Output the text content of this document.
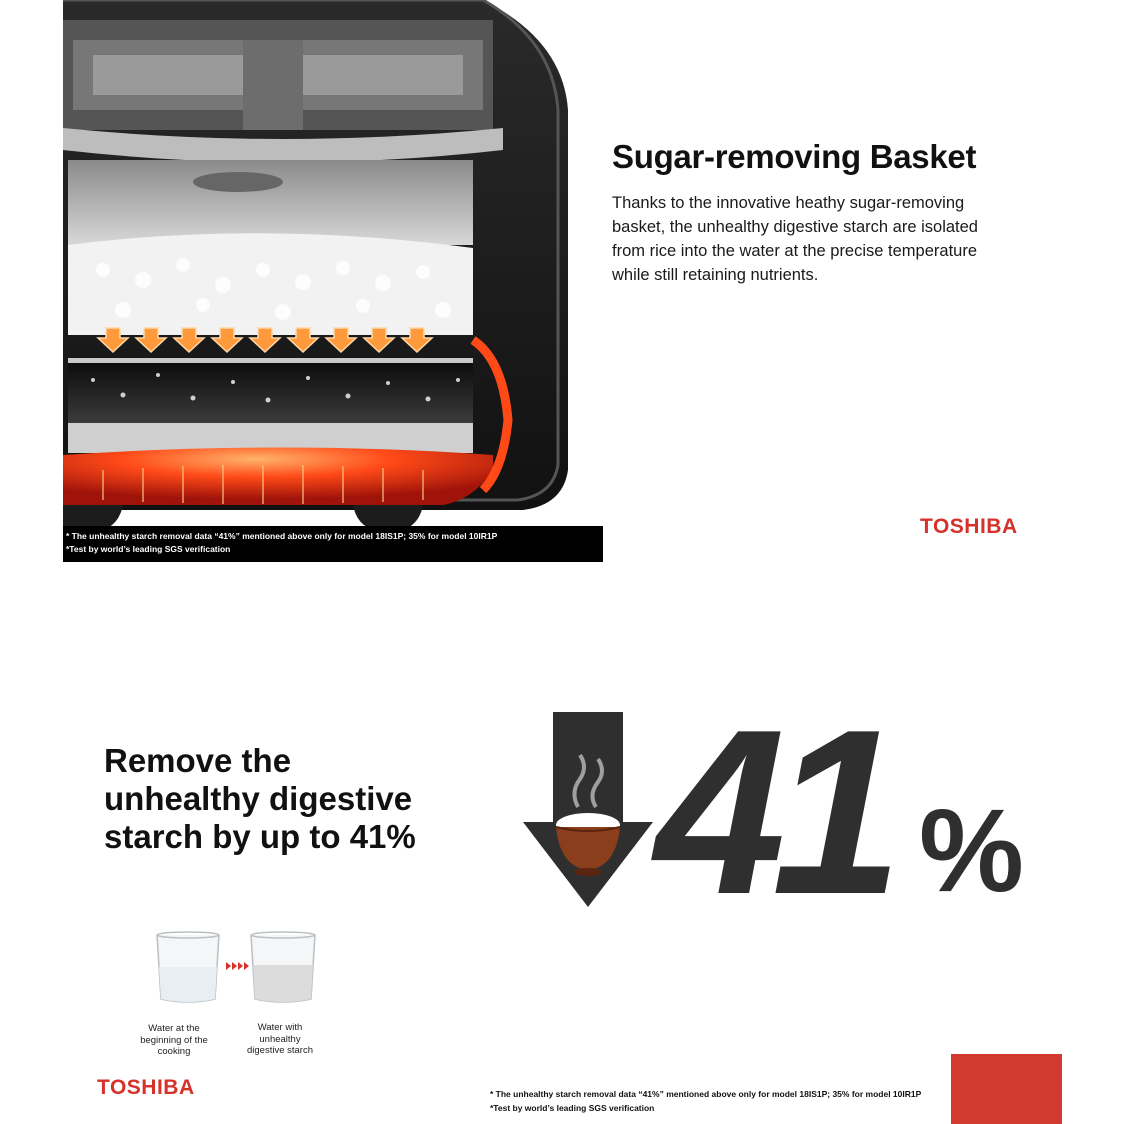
Sugar-removing Basket

Thanks to the innovative heathy sugar-removing basket, the unhealthy digestive starch are isolated from rice into the water at the precise temperature while still retaining nutrients.

* The unhealthy starch removal data “41%” mentioned above only for model 18IS1P; 35% for model 10IR1P
*Test by world’s leading SGS verification
TOSHIBA
Remove the
unhealthy digestive
starch by up to 41%	41 %
Water at the
beginning of the
cooking
Water with
unhealthy
digestive starch
TOSHIBA	* The unhealthy starch removal data “41%” mentioned above only for model 18IS1P; 35% for model 10IR1P
*Test by world’s leading SGS verification
